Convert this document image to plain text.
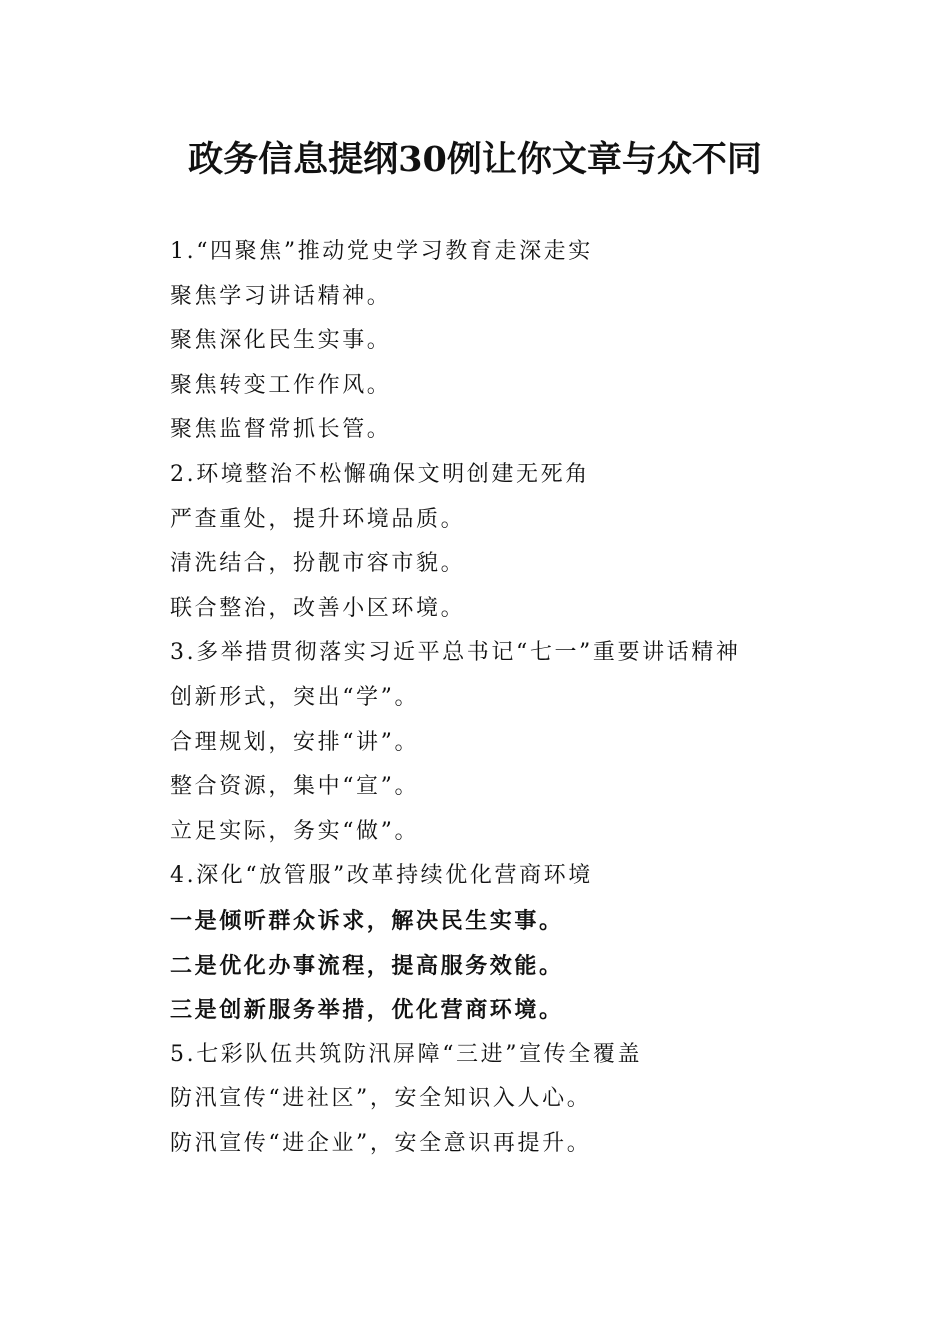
政务信息提纲30例让你文章与众不同
1.“四聚焦”推动党史学习教育走深走实
聚焦学习讲话精神。
聚焦深化民生实事。
聚焦转变工作作风。
聚焦监督常抓长管。
2.环境整治不松懈确保文明创建无死角
严查重处，提升环境品质。
清洗结合，扮靓市容市貌。
联合整治，改善小区环境。
3.多举措贯彻落实习近平总书记“七一”重要讲话精神
创新形式，突出“学”。
合理规划，安排“讲”。
整合资源，集中“宣”。
立足实际，务实“做”。
4.深化“放管服”改革持续优化营商环境
一是倾听群众诉求，解决民生实事。
二是优化办事流程，提高服务效能。
三是创新服务举措，优化营商环境。
5.七彩队伍共筑防汛屏障“三进”宣传全覆盖
防汛宣传“进社区”，安全知识入人心。
防汛宣传“进企业”，安全意识再提升。
